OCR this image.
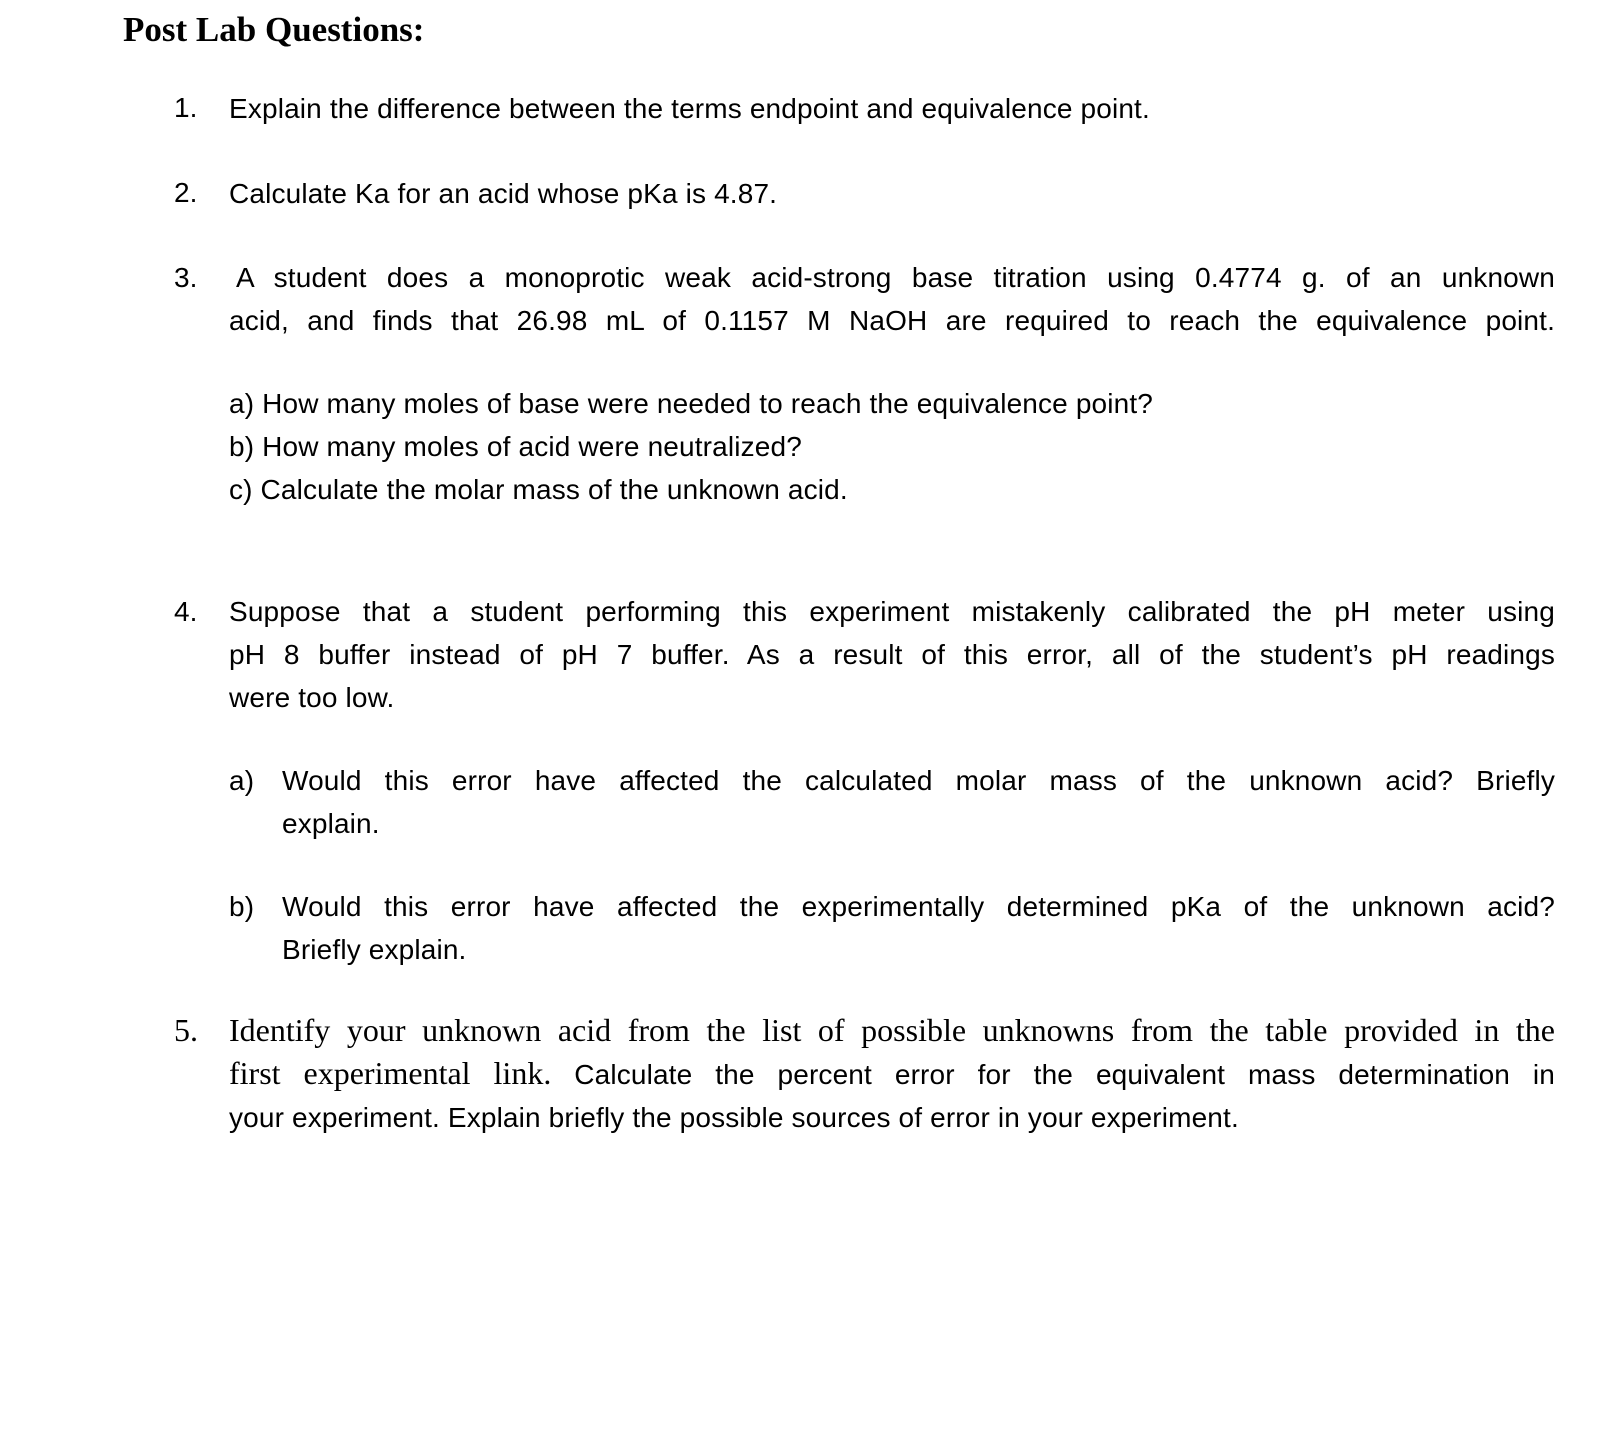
Post Lab Questions:
1. Explain the difference between the terms endpoint and equivalence point.
2. Calculate Ka for an acid whose pKa is 4.87.
3. A student does a monoprotic weak acid-strong base titration using 0.4774 g. of an unknown
acid, and finds that 26.98 mL of 0.1157 M NaOH are required to reach the equivalence point.
a) How many moles of base were needed to reach the equivalence point?
b) How many moles of acid were neutralized?
c) Calculate the molar mass of the unknown acid.
4. Suppose that a student performing this experiment mistakenly calibrated the pH meter using
pH 8 buffer instead of pH 7 buffer. As a result of this error, all of the student’s pH readings
were too low.
a) Would this error have affected the calculated molar mass of the unknown acid? Briefly
explain.
b) Would this error have affected the experimentally determined pKa of the unknown acid?
Briefly explain.
5. Identify your unknown acid from the list of possible unknowns from the table provided in the
first experimental link. Calculate the percent error for the equivalent mass determination in
your experiment. Explain briefly the possible sources of error in your experiment.
